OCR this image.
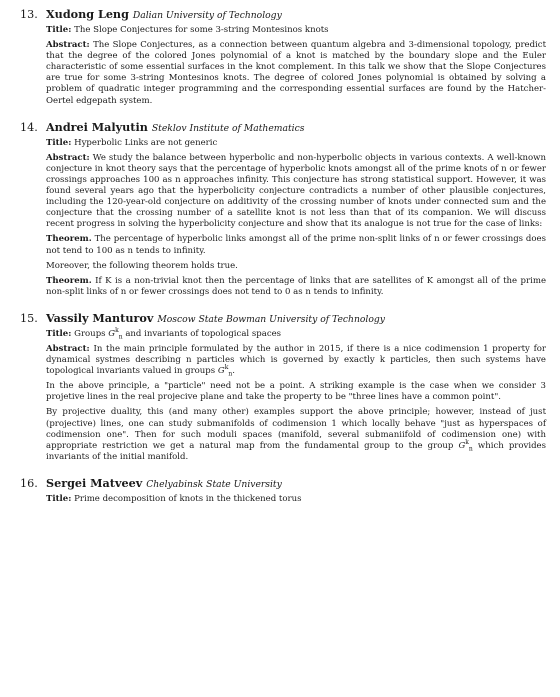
13. Xudong Leng Dalian University of Technology
Title: The Slope Conjectures for some 3-string Montesinos knots

Abstract: The Slope Conjectures, as a connection between quantum algebra and 3-dimensional topology, predict that the degree of the colored Jones polynomial of a knot is matched by the boundary slope and the Euler characteristic of some essential surfaces in the knot complement. In this talk we show that the Slope Conjectures are true for some 3-string Montesinos knots. The degree of colored Jones polynomial is obtained by solving a problem of quadratic integer programming and the corresponding essential surfaces are found by the Hatcher-Oertel edgepath system.

14. Andrei Malyutin Steklov Institute of Mathematics
Title: Hyperbolic Links are not generic

Abstract: We study the balance between hyperbolic and non-hyperbolic objects in various contexts. A well-known conjecture in knot theory says that the percentage of hyperbolic knots amongst all of the prime knots of n or fewer crossings approaches 100 as n approaches infinity. This conjecture has strong statistical support. However, it was found several years ago that the hyperbolicity conjecture contradicts a number of other plausible conjectures, including the 120-year-old conjecture on additivity of the crossing number of knots under connected sum and the conjecture that the crossing number of a satellite knot is not less than that of its companion. We will discuss recent progress in solving the hyperbolicity conjecture and show that its analogue is not true for the case of links:

Theorem. The percentage of hyperbolic links amongst all of the prime non-split links of n or fewer crossings does not tend to 100 as n tends to infinity.

Moreover, the following theorem holds true.

Theorem. If K is a non-trivial knot then the percentage of links that are satellites of K amongst all of the prime non-split links of n or fewer crossings does not tend to 0 as n tends to infinity.

15. Vassily Manturov Moscow State Bowman University of Technology
Title: Groups $G^k_n$ and invariants of topological spaces

Abstract: In the main principle formulated by the author in 2015, if there is a nice codimension 1 property for dynamical systmes describing n particles which is governed by exactly k particles, then such systems have topological invariants valued in groups $G^k_n$.

In the above principle, a "particle" need not be a point. A striking example is the case when we consider 3 projetive lines in the real projecive plane and take the property to be "three lines have a common point".

By projective duality, this (and many other) examples support the above principle; however, instead of just (projective) lines, one can study submanifolds of codimension 1 which locally behave "just as hyperspaces of codimension one". Then for such moduli spaces (manifold, several submaniifold of codimension one) with appropriate restriction we get a natural map from the fundamental group to the group $G^k_n$ which provides invariants of the initial manifold.

16. Sergei Matveev Chelyabinsk State University
Title: Prime decomposition of knots in the thickened torus
